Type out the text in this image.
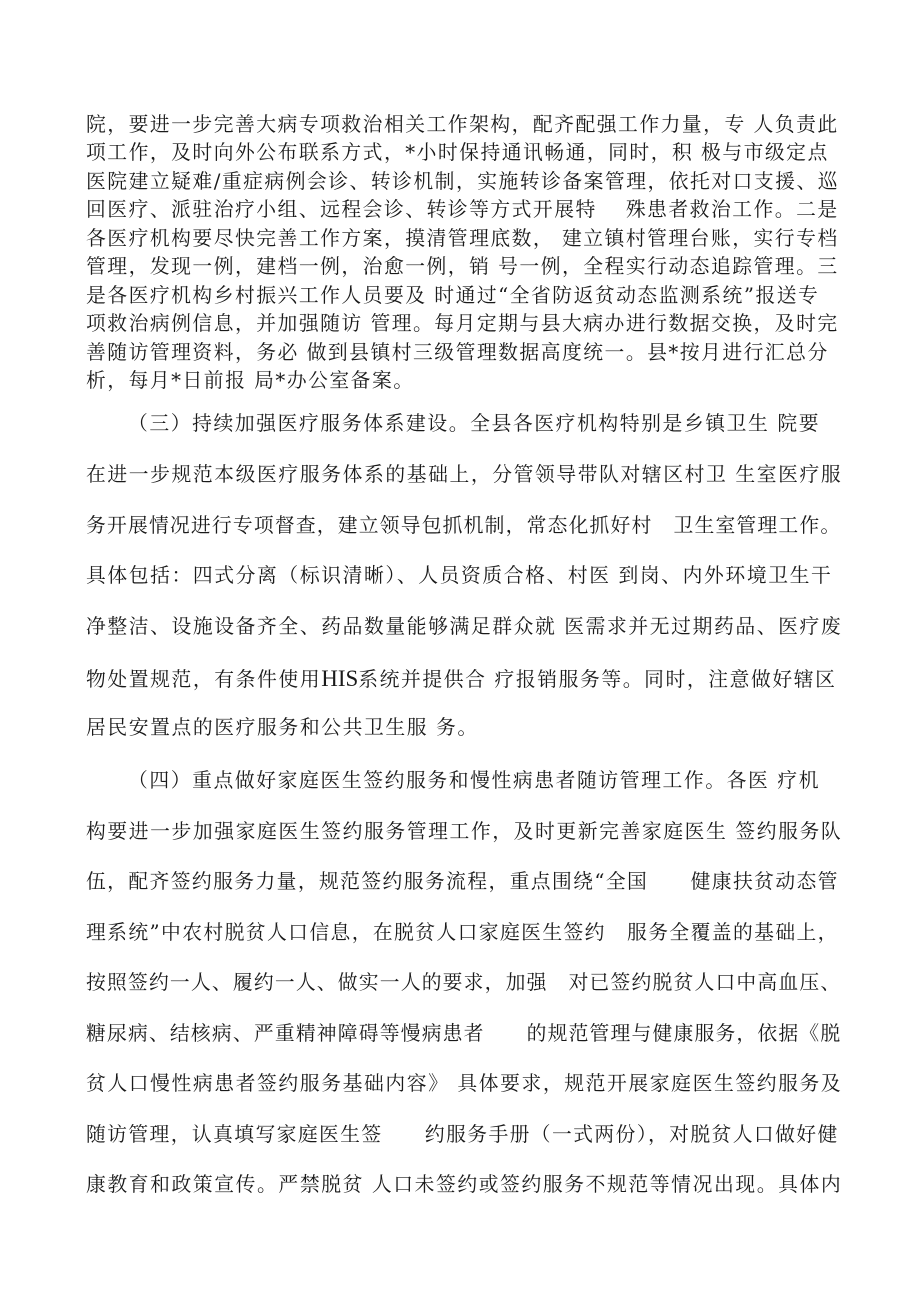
院，要进一步完善大病专项救治相关工作架构，配齐配强工作力量，专 人负责此
项工作，及时向外公布联系方式，*小时保持通讯畅通，同时，积 极与市级定点
医院建立疑难/重症病例会诊、转诊机制，实施转诊备案管理，依托对口支援、巡
回医疗、派驻治疗小组、远程会诊、转诊等方式开展特　 殊患者救治工作。二是
各医疗机构要尽快完善工作方案，摸清管理底数， 建立镇村管理台账，实行专档
管理，发现一例，建档一例，治愈一例，销 号一例，全程实行动态追踪管理。三
是各医疗机构乡村振兴工作人员要及 时通过“全省防返贫动态监测系统”报送专
项救治病例信息，并加强随访 管理。每月定期与县大病办进行数据交换，及时完
善随访管理资料，务必 做到县镇村三级管理数据高度统一。县*按月进行汇总分
析，每月*日前报 局*办公室备案。
（三）持续加强医疗服务体系建设。全县各医疗机构特别是乡镇卫生 院要
在进一步规范本级医疗服务体系的基础上，分管领导带队对辖区村卫 生室医疗服
务开展情况进行专项督查，建立领导包抓机制，常态化抓好村　卫生室管理工作。
具体包括：四式分离（标识清晰）、人员资质合格、村医 到岗、内外环境卫生干
净整洁、设施设备齐全、药品数量能够满足群众就 医需求并无过期药品、医疗废
物处置规范，有条件使用HIS系统并提供合 疗报销服务等。同时，注意做好辖区
居民安置点的医疗服务和公共卫生服 务。
（四）重点做好家庭医生签约服务和慢性病患者随访管理工作。各医 疗机
构要进一步加强家庭医生签约服务管理工作，及时更新完善家庭医生 签约服务队
伍，配齐签约服务力量，规范签约服务流程，重点围绕“全国　　健康扶贫动态管
理系统”中农村脱贫人口信息，在脱贫人口家庭医生签约　服务全覆盖的基础上，
按照签约一人、履约一人、做实一人的要求，加强　对已签约脱贫人口中高血压、
糖尿病、结核病、严重精神障碍等慢病患者　　的规范管理与健康服务，依据《脱
贫人口慢性病患者签约服务基础内容》 具体要求，规范开展家庭医生签约服务及
随访管理，认真填写家庭医生签　　约服务手册（一式两份），对脱贫人口做好健
康教育和政策宣传。严禁脱贫 人口未签约或签约服务不规范等情况出现。具体内
